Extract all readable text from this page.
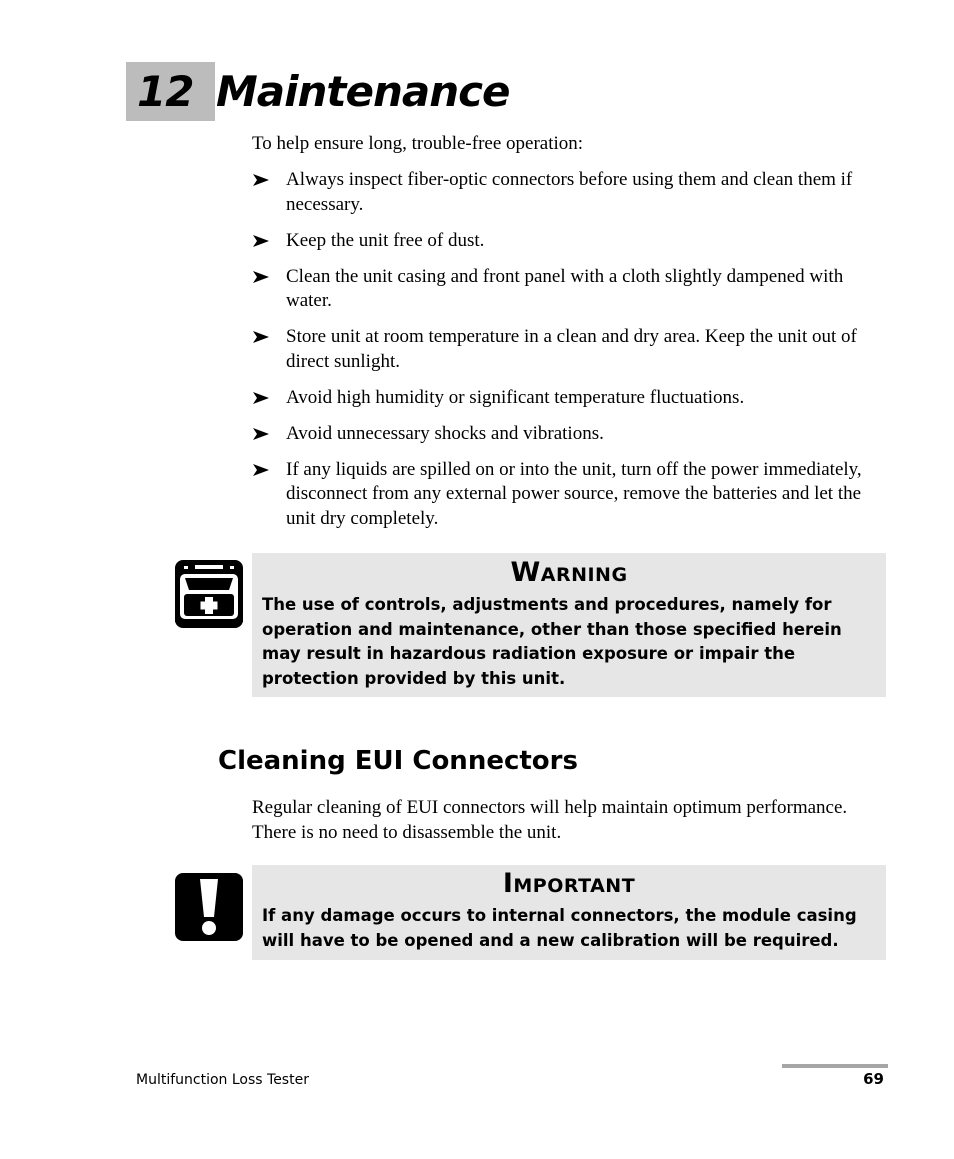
12 Maintenance

To help ensure long, trouble-free operation:

Always inspect fiber-optic connectors before using them and clean them if necessary.
Keep the unit free of dust.
Clean the unit casing and front panel with a cloth slightly dampened with water.
Store unit at room temperature in a clean and dry area. Keep the unit out of direct sunlight.
Avoid high humidity or significant temperature fluctuations.
Avoid unnecessary shocks and vibrations.
If any liquids are spilled on or into the unit, turn off the power immediately, disconnect from any external power source, remove the batteries and let the unit dry completely.
Warning
The use of controls, adjustments and procedures, namely for operation and maintenance, other than those specified herein may result in hazardous radiation exposure or impair the protection provided by this unit.
Cleaning EUI Connectors

Regular cleaning of EUI connectors will help maintain optimum performance. There is no need to disassemble the unit.

Important
If any damage occurs to internal connectors, the module casing will have to be opened and a new calibration will be required.
Multifunction Loss Tester	69
